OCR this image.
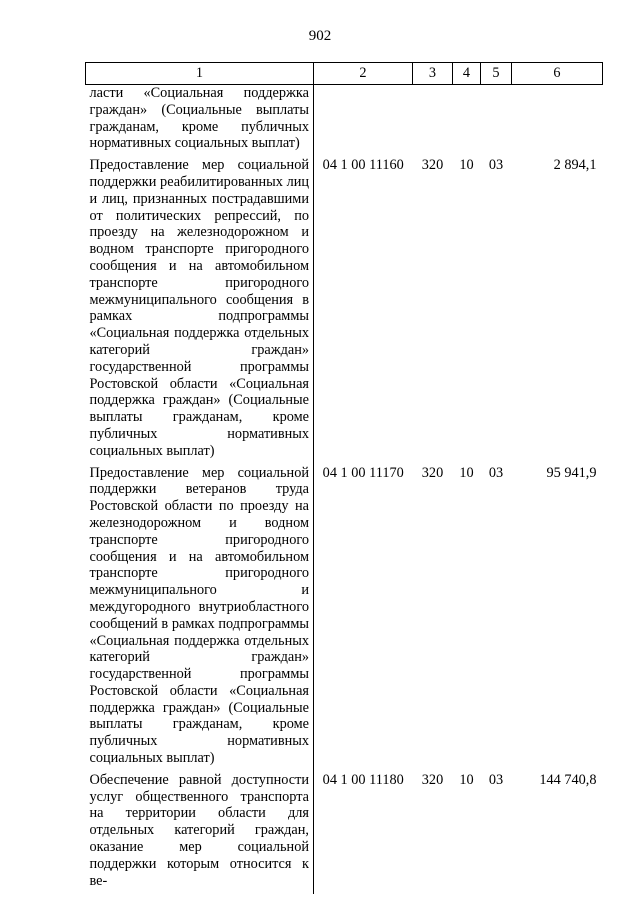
902
1	2	3	4	5	6
ласти «Социальная поддержка граждан» (Социальные выплаты гражданам, кроме публичных нормативных социальных выплат)					
Предоставление мер социальной поддержки реабилитированных лиц и лиц, признанных пострадавшими от политических репрессий, по проезду на железнодорожном и водном транспорте пригородного сообщения и на автомобильном транспорте пригородного межмуниципального сообщения в рамках подпрограммы «Социальная поддержка отдельных категорий граждан» государственной программы Ростовской области «Социальная поддержка граждан» (Социальные выплаты гражданам, кроме публичных нормативных социальных выплат)	04 1 00 11160	320	10	03	2 894,1
Предоставление мер социальной поддержки ветеранов труда Ростовской области по проезду на железнодорожном и водном транспорте пригородного сообщения и на автомобильном транспорте пригородного межмуниципального и междугородного внутриобластного сообщений в рамках подпрограммы «Социальная поддержка отдельных категорий граждан» государственной программы Ростовской области «Социальная поддержка граждан» (Социальные выплаты гражданам, кроме публичных нормативных социальных выплат)	04 1 00 11170	320	10	03	95 941,9
Обеспечение равной доступности услуг общественного транспорта на территории области для отдельных категорий граждан, оказание мер социальной поддержки которым относится к ве-	04 1 00 11180	320	10	03	144 740,8
